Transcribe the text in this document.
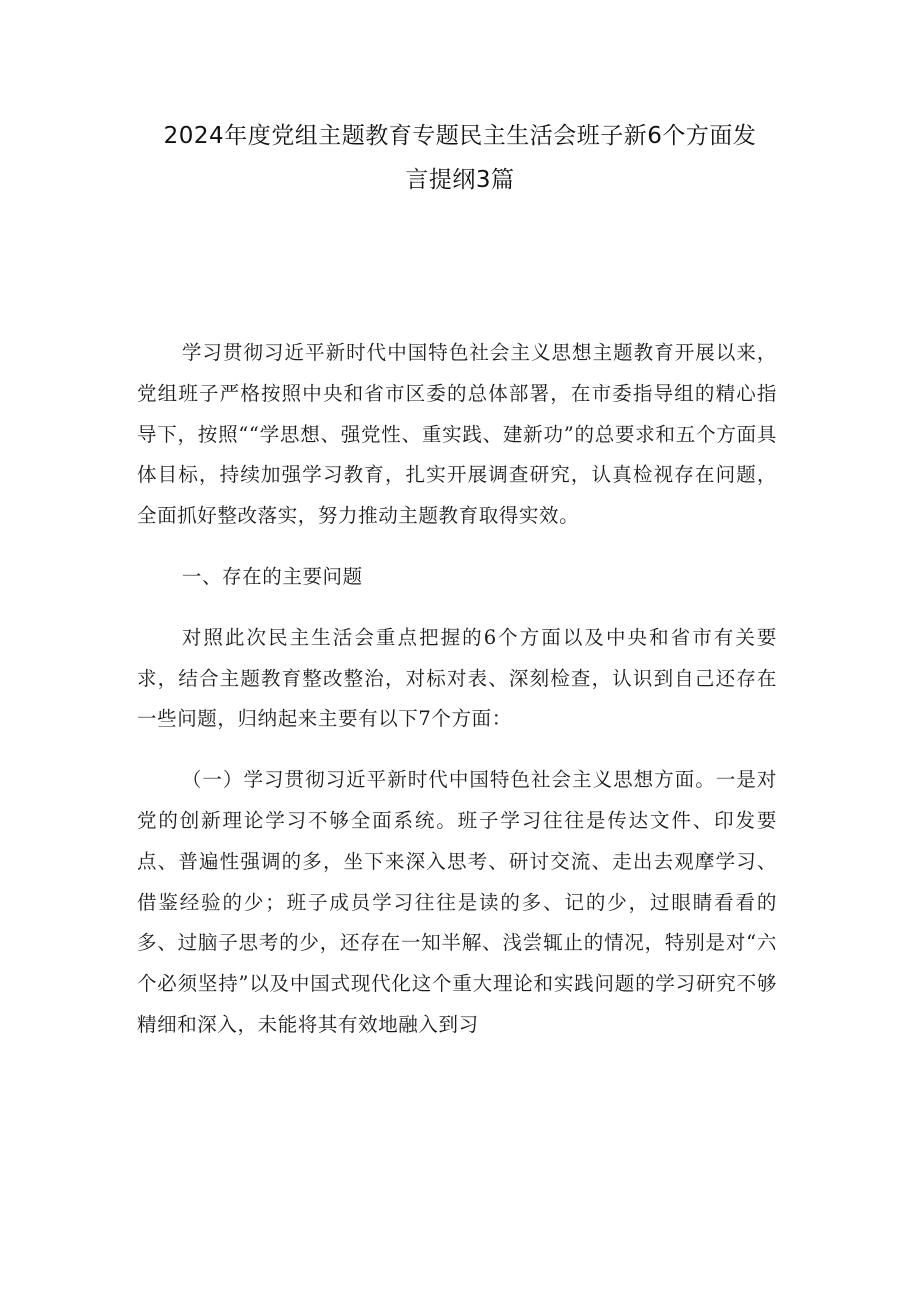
2024年度党组主题教育专题民主生活会班子新6个方面发
言提纲3篇

学习贯彻习近平新时代中国特色社会主义思想主题教育开展以来，党组班子严格按照中央和省市区委的总体部署，在市委指导组的精心指导下，按照““学思想、强党性、重实践、建新功”的总要求和五个方面具体目标，持续加强学习教育，扎实开展调查研究，认真检视存在问题，全面抓好整改落实，努力推动主题教育取得实效。

一、存在的主要问题

对照此次民主生活会重点把握的6个方面以及中央和省市有关要求，结合主题教育整改整治，对标对表、深刻检查，认识到自己还存在一些问题，归纳起来主要有以下7个方面：

（一）学习贯彻习近平新时代中国特色社会主义思想方面。一是对党的创新理论学习不够全面系统。班子学习往往是传达文件、印发要点、普遍性强调的多，坐下来深入思考、研讨交流、走出去观摩学习、借鉴经验的少；班子成员学习往往是读的多、记的少，过眼睛看看的多、过脑子思考的少，还存在一知半解、浅尝辄止的情况，特别是对“六个必须坚持”以及中国式现代化这个重大理论和实践问题的学习研究不够精细和深入，未能将其有效地融入到习
